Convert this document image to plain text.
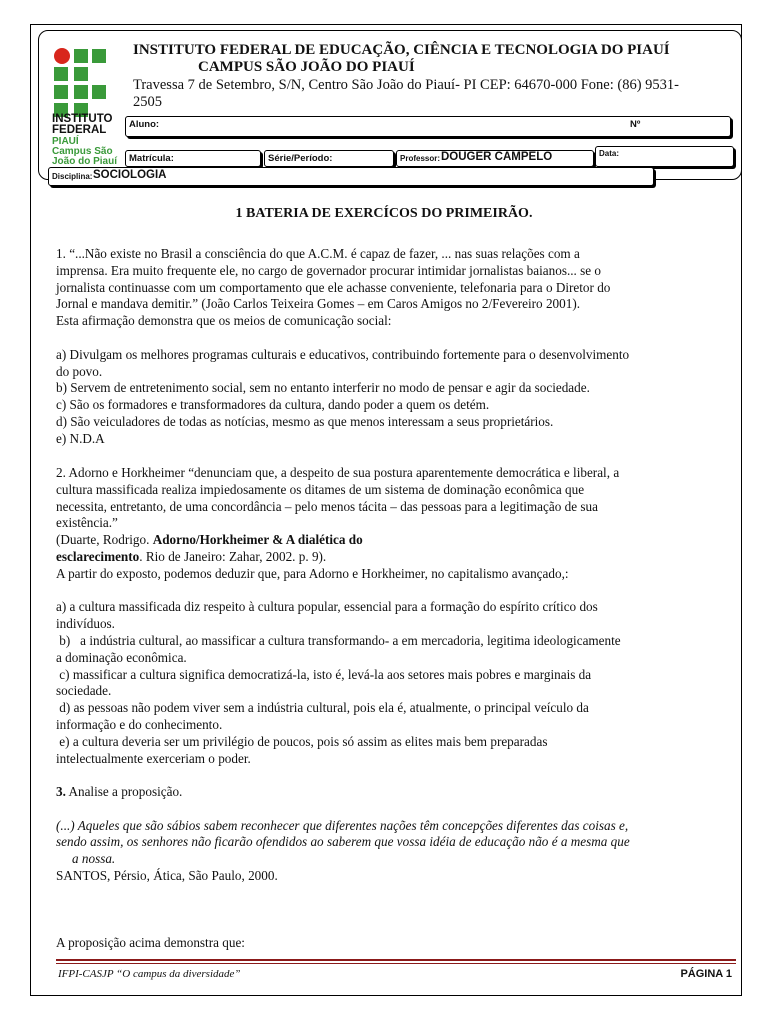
INSTITUTO
FEDERAL
PIAUÍ
Campus São
João do Piauí
INSTITUTO FEDERAL DE EDUCAÇÃO, CIÊNCIA E TECNOLOGIA DO PIAUÍ
CAMPUS SÃO JOÃO DO PIAUÍ
Travessa 7 de Setembro, S/N, Centro São João do Piauí- PI CEP: 64670-000 Fone: (86) 9531-
2505
Aluno:	Nº
Matrícula:	Série/Período:	Professor: DOUGER CAMPELO	Data:
Disciplina: SOCIOLOGIA
1 BATERIA DE EXERCÍCOS DO PRIMEIRÃO.
1. “...Não existe no Brasil a consciência do que A.C.M. é capaz de fazer, ... nas suas relações com a
imprensa. Era muito frequente ele, no cargo de governador procurar intimidar jornalistas baianos... se o
jornalista continuasse com um comportamento que ele achasse conveniente, telefonaria para o Diretor do
Jornal e mandava demitir.” (João Carlos Teixeira Gomes – em Caros Amigos no 2/Fevereiro 2001).
Esta afirmação demonstra que os meios de comunicação social:
a) Divulgam os melhores programas culturais e educativos, contribuindo fortemente para o desenvolvimento
do povo.
b) Servem de entretenimento social, sem no entanto interferir no modo de pensar e agir da sociedade.
c) São os formadores e transformadores da cultura, dando poder a quem os detém.
d) São veiculadores de todas as notícias, mesmo as que menos interessam a seus proprietários.
e) N.D.A
2. Adorno e Horkheimer “denunciam que, a despeito de sua postura aparentemente democrática e liberal, a
cultura massificada realiza impiedosamente os ditames de um sistema de dominação econômica que
necessita, entretanto, de uma concordância – pelo menos tácita – das pessoas para a legitimação de sua
existência.”
(Duarte, Rodrigo. Adorno/Horkheimer & A dialética do
esclarecimento. Rio de Janeiro: Zahar, 2002. p. 9).
A partir do exposto, podemos deduzir que, para Adorno e Horkheimer, no capitalismo avançado,:
a) a cultura massificada diz respeito à cultura popular, essencial para a formação do espírito crítico dos
indivíduos.
b)   a indústria cultural, ao massificar a cultura transformando- a em mercadoria, legitima ideologicamente
a dominação econômica.
c) massificar a cultura significa democratizá-la, isto é, levá-la aos setores mais pobres e marginais da
sociedade.
d) as pessoas não podem viver sem a indústria cultural, pois ela é, atualmente, o principal veículo da
informação e do conhecimento.
e) a cultura deveria ser um privilégio de poucos, pois só assim as elites mais bem preparadas
intelectualmente exerceriam o poder.
3. Analise a proposição.
(...) Aqueles que são sábios sabem reconhecer que diferentes nações têm concepções diferentes das coisas e,
sendo assim, os senhores não ficarão ofendidos ao saberem que vossa idéia de educação não é a mesma que
a nossa.
SANTOS, Pérsio, Ática, São Paulo, 2000.
A proposição acima demonstra que:
IFPI-CASJP “O campus da diversidade”	PÁGINA 1
